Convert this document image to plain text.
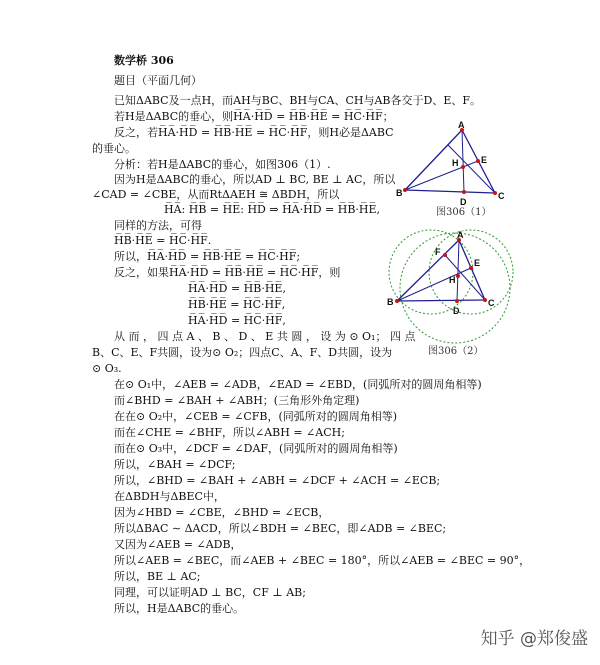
数学桥 306
题目（平面几何）
已知ΔABC及一点H，而AH与BC、BH与CA、CH与AB各交于D、E、F。
若H是ΔABC的垂心，则H̅A̅·H̅D̅ = H̅B̅·H̅E̅ = H̅C̅·H̅F̅；
反之，若H̅A̅·H̅D̅ = H̅B̅·H̅E̅ = H̅C̅·H̅F̅，则H必是ΔABC
的垂心。
分析：若H是ΔABC的垂心，如图306（1）.
因为H是ΔABC的垂心，所以AD ⊥ BC, BE ⊥ AC，所以
∠CAD = ∠CBE，从而RtΔAEH ≅ ΔBDH，所以
H̅A̅: H̅B̅ = H̅E̅: H̅D̅ ⇒ H̅A̅·H̅D̅ = H̅B̅·H̅E̅,
同样的方法，可得
H̅B̅·H̅E̅ = H̅C̅·H̅F̅.
所以，H̅A̅·H̅D̅ = H̅B̅·H̅E̅ = H̅C̅·H̅F̅;
反之，如果H̅A̅·H̅D̅ = H̅B̅·H̅E̅ = H̅C̅·H̅F̅，则
H̅A̅·H̅D̅ = H̅B̅·H̅E̅,
H̅B̅·H̅E̅ = H̅C̅·H̅F̅,
H̅A̅·H̅D̅ = H̅C̅·H̅F̅,
从 而 ， 四 点 A 、 B 、 D 、 E 共 圆 ， 设 为 ⊙ O₁； 四 点
B、C、E、F共圆，设为⊙ O₂；四点C、A、F、D共圆，设为
⊙ O₃.
在⊙ O₁中，∠AEB = ∠ADB，∠EAD = ∠EBD，(同弧所对的圆周角相等)
而∠BHD = ∠BAH + ∠ABH；(三角形外角定理)
在在⊙ O₂中，∠CEB = ∠CFB，(同弧所对的圆周角相等)
而在∠CHE = ∠BHF，所以∠ABH = ∠ACH;
而在⊙ O₃中，∠DCF = ∠DAF，(同弧所对的圆周角相等)
所以，∠BAH = ∠DCF;
所以，∠BHD = ∠BAH + ∠ABH = ∠DCF + ∠ACH = ∠ECB;
在ΔBDH与ΔBEC中，
因为∠HBD = ∠CBE，∠BHD = ∠ECB，
所以ΔBAC ∼ ΔACD，所以∠BDH = ∠BEC，即∠ADB = ∠BEC;
又因为∠AEB = ∠ADB，
所以∠AEB = ∠BEC，而∠AEB + ∠BEC = 180°，所以∠AEB = ∠BEC = 90°，
所以，BE ⊥ AC;
同理，可以证明AD ⊥ BC，CF ⊥ AB;
所以，H是ΔABC的垂心。
A
B	C
D
E
H
图306（1）
A
B	C
D
E
F
H
图306（2）
知乎 @郑俊盛
